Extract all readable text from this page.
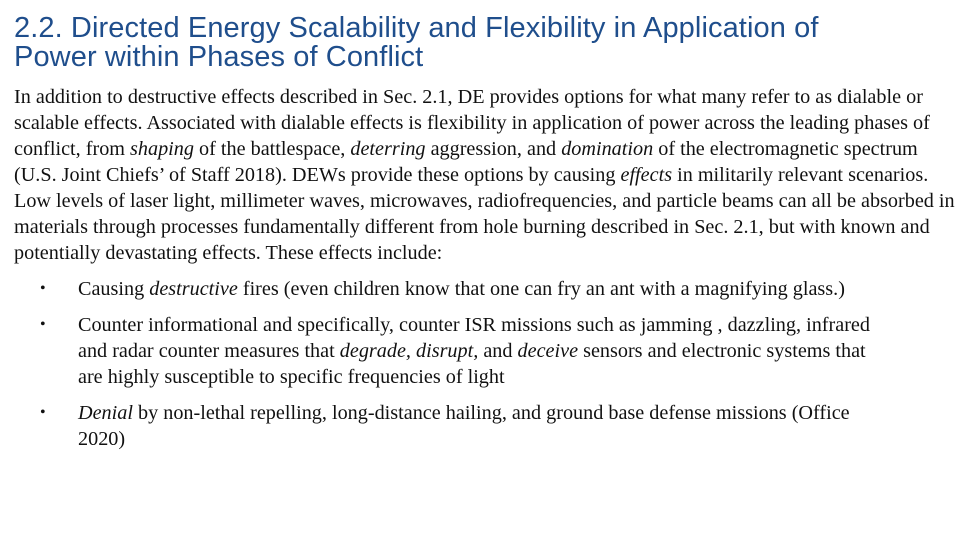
2.2. Directed Energy Scalability and Flexibility in Application of
Power within Phases of Conflict

In addition to destructive effects described in Sec. 2.1, DE provides options for what many refer to as dialable or scalable effects. Associated with dialable effects is flexibility in application of power across the leading phases of conflict, from shaping of the battlespace, deterring aggression, and domination of the electromagnetic spectrum (U.S. Joint Chiefs’ of Staff 2018). DEWs provide these options by causing effects in militarily relevant scenarios. Low levels of laser light, millimeter waves, microwaves, radiofrequencies, and particle beams can all be absorbed in materials through processes fundamentally different from hole burning described in Sec. 2.1, but with known and potentially devastating effects. These effects include:

• Causing destructive fires (even children know that one can fry an ant with a magnifying glass.)
• Counter informational and specifically, counter ISR missions such as jamming , dazzling, infrared and radar counter measures that degrade, disrupt, and deceive sensors and electronic systems that are highly susceptible to specific frequencies of light
• Denial by non-lethal repelling, long-distance hailing, and ground base defense missions (Office 2020)
